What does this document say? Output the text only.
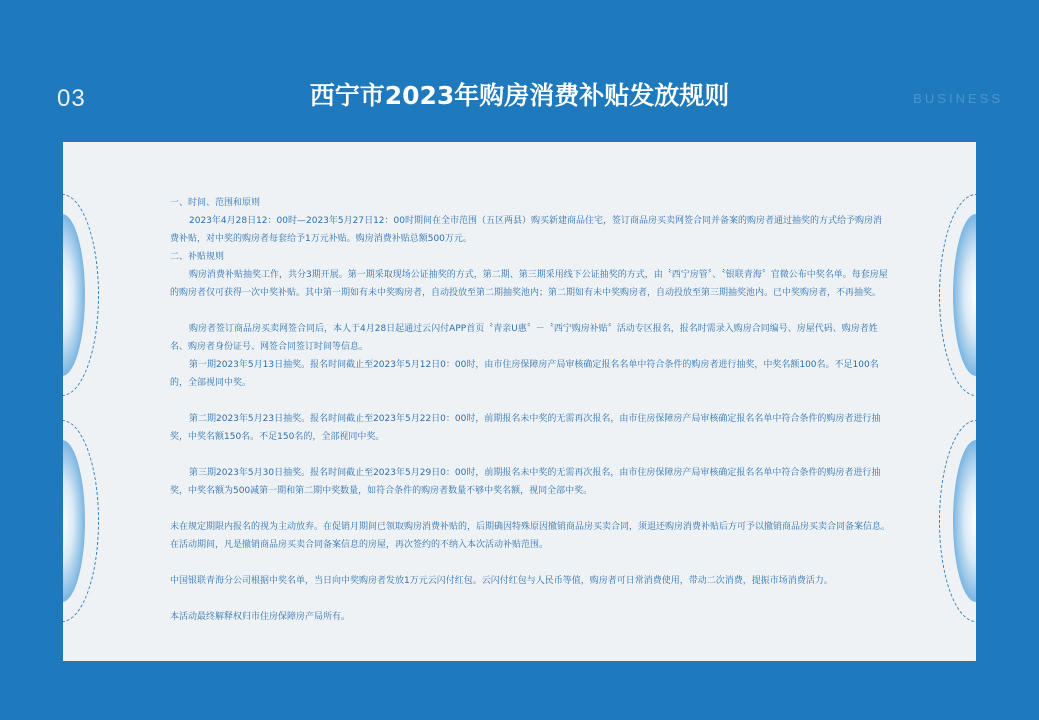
03	西宁市2023年购房消费补贴发放规则	BUSINESS

一、时间、范围和原则

2023年4月28日12：00时—2023年5月27日12：00时期间在全市范围（五区两县）购买新建商品住宅，签订商品房买卖网签合同并备案的购房者通过抽奖的方式给予购房消费补贴，对中奖的购房者每套给予1万元补贴。购房消费补贴总额500万元。

二、补贴规则

购房消费补贴抽奖工作，共分3期开展。第一期采取现场公证抽奖的方式，第二期、第三期采用线下公证抽奖的方式，由〝西宁房管〞、〝银联青海〞官微公布中奖名单。每套房屋的购房者仅可获得一次中奖补贴。其中第一期如有未中奖购房者，自动投放至第二期抽奖池内；第二期如有未中奖购房者，自动投放至第三期抽奖池内。已中奖购房者，不再抽奖。

购房者签订商品房买卖网签合同后，本人于4月28日起通过云闪付APP首页〝青亲U惠〞－〝西宁购房补贴〞活动专区报名，报名时需录入购房合同编号、房屋代码、购房者姓名、购房者身份证号、网签合同签订时间等信息。

第一期2023年5月13日抽奖。报名时间截止至2023年5月12日0：00时，由市住房保障房产局审核确定报名名单中符合条件的购房者进行抽奖，中奖名额100名。不足100名的，全部视同中奖。

第二期2023年5月23日抽奖。报名时间截止至2023年5月22日0：00时，前期报名未中奖的无需再次报名，由市住房保障房产局审核确定报名名单中符合条件的购房者进行抽奖，中奖名额150名。不足150名的，全部视同中奖。

第三期2023年5月30日抽奖。报名时间截止至2023年5月29日0：00时，前期报名未中奖的无需再次报名，由市住房保障房产局审核确定报名名单中符合条件的购房者进行抽奖，中奖名额为500减第一期和第二期中奖数量，如符合条件的购房者数量不够中奖名额，视同全部中奖。

未在规定期限内报名的视为主动放弃。在促销月期间已领取购房消费补贴的，后期确因特殊原因撤销商品房买卖合同，须退还购房消费补贴后方可予以撤销商品房买卖合同备案信息。在活动期间，凡是撤销商品房买卖合同备案信息的房屋，再次签约的不纳入本次活动补贴范围。

中国银联青海分公司根据中奖名单，当日向中奖购房者发放1万元云闪付红包。云闪付红包与人民币等值，购房者可日常消费使用，带动二次消费，提振市场消费活力。

本活动最终解释权归市住房保障房产局所有。
